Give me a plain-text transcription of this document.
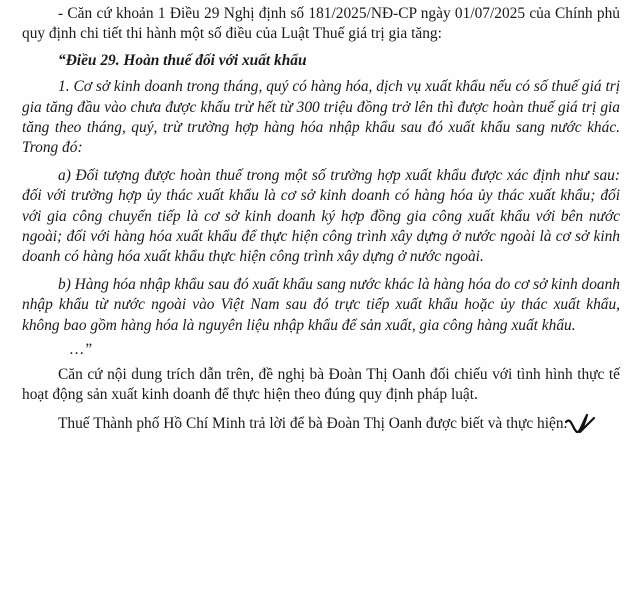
- Căn cứ khoản 1 Điều 29 Nghị định số 181/2025/NĐ-CP ngày 01/07/2025 của Chính phủ quy định chi tiết thi hành một số điều của Luật Thuế giá trị gia tăng:

“Điều 29. Hoàn thuế đối với xuất khẩu

1. Cơ sở kinh doanh trong tháng, quý có hàng hóa, dịch vụ xuất khẩu nếu có số thuế giá trị gia tăng đầu vào chưa được khấu trừ hết từ 300 triệu đồng trở lên thì được hoàn thuế giá trị gia tăng theo tháng, quý, trừ trường hợp hàng hóa nhập khẩu sau đó xuất khẩu sang nước khác. Trong đó:

a) Đối tượng được hoàn thuế trong một số trường hợp xuất khẩu được xác định như sau: đối với trường hợp ủy thác xuất khẩu là cơ sở kinh doanh có hàng hóa ủy thác xuất khẩu; đối với gia công chuyển tiếp là cơ sở kinh doanh ký hợp đồng gia công xuất khẩu với bên nước ngoài; đối với hàng hóa xuất khẩu để thực hiện công trình xây dựng ở nước ngoài là cơ sở kinh doanh có hàng hóa xuất khẩu thực hiện công trình xây dựng ở nước ngoài.

b) Hàng hóa nhập khẩu sau đó xuất khẩu sang nước khác là hàng hóa do cơ sở kinh doanh nhập khẩu từ nước ngoài vào Việt Nam sau đó trực tiếp xuất khẩu hoặc ủy thác xuất khẩu, không bao gồm hàng hóa là nguyên liệu nhập khẩu để sản xuất, gia công hàng xuất khẩu.

…”

Căn cứ nội dung trích dẫn trên, đề nghị bà Đoàn Thị Oanh đối chiếu với tình hình thực tế hoạt động sản xuất kinh doanh để thực hiện theo đúng quy định pháp luật.

Thuế Thành phố Hồ Chí Minh trả lời để bà Đoàn Thị Oanh được biết và thực hiện.
